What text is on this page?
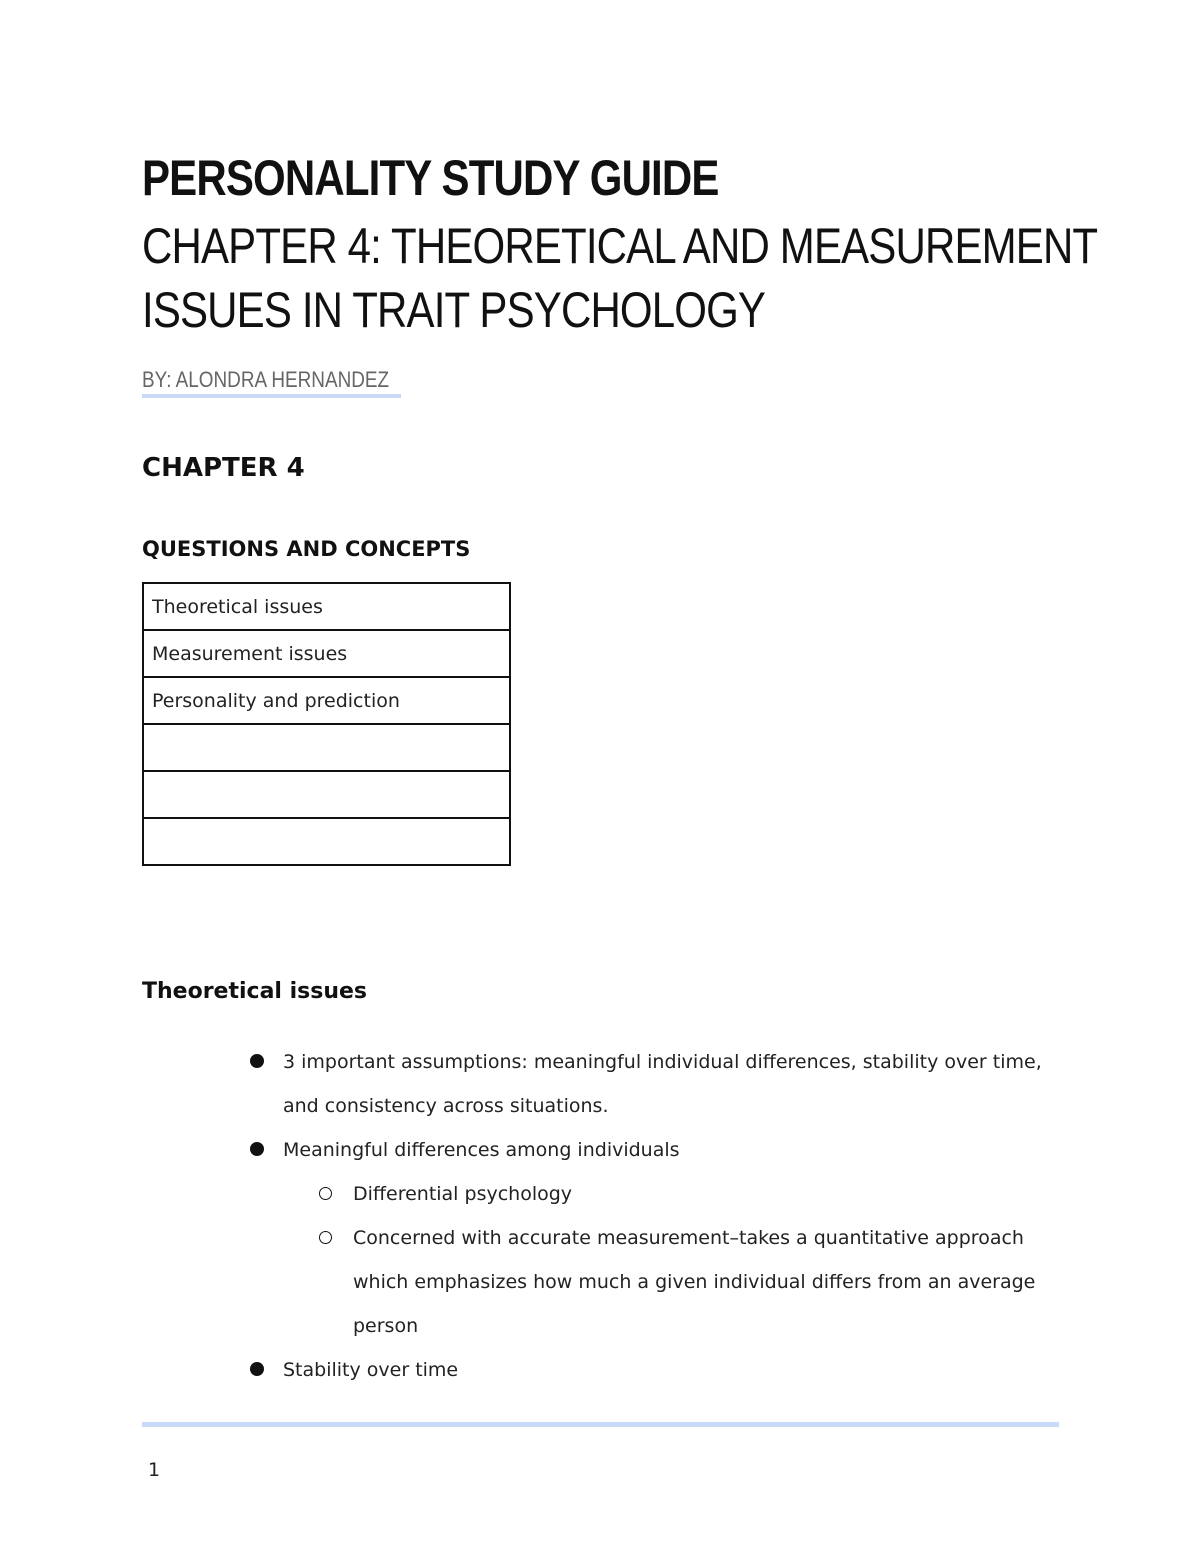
PERSONALITY STUDY GUIDE
CHAPTER 4: THEORETICAL AND MEASUREMENT
ISSUES IN TRAIT PSYCHOLOGY
BY: ALONDRA HERNANDEZ
CHAPTER 4
QUESTIONS AND CONCEPTS
Theoretical issues
Measurement issues
Personality and prediction

Theoretical issues
3 important assumptions: meaningful individual differences, stability over time, and consistency across situations.
Meaningful differences among individuals
Differential psychology
Concerned with accurate measurement–takes a quantitative approach which emphasizes how much a given individual differs from an average person
Stability over time
1
